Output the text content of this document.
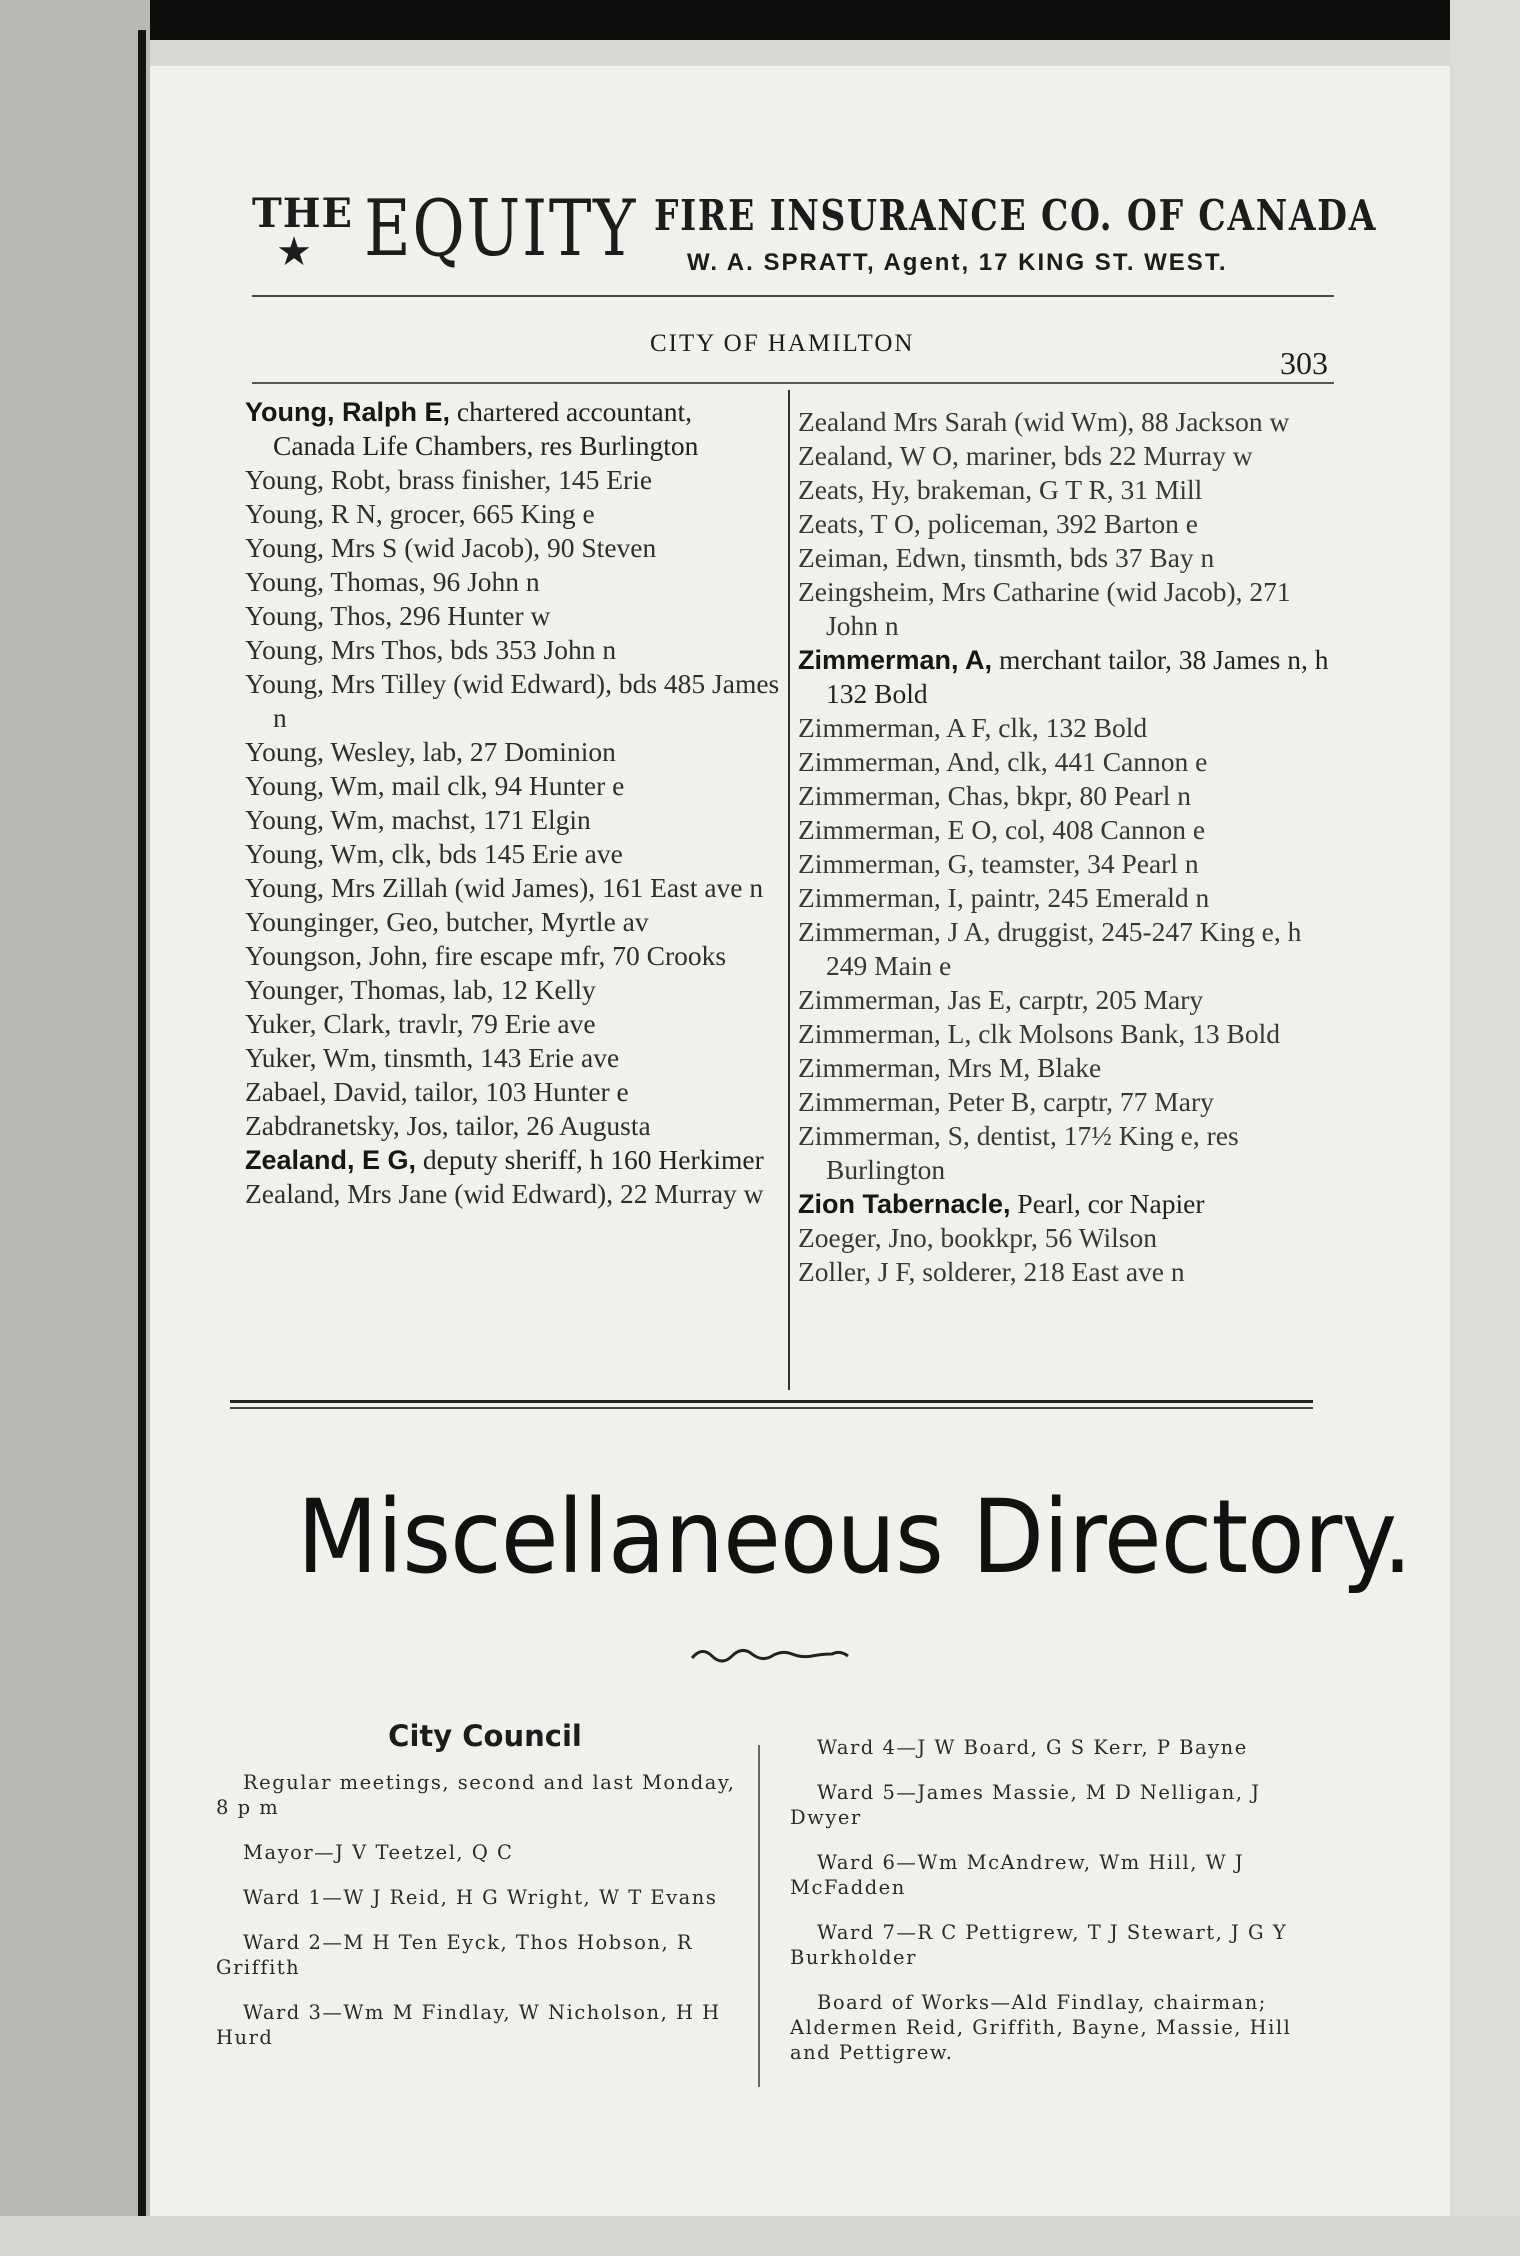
THE
★ EQUITY FIRE INSURANCE CO. OF CANADA
W. A. SPRATT, Agent, 17 KING ST. WEST.
CITY OF HAMILTON
303

Young, Ralph E, chartered accountant, Canada Life Chambers, res Burlington

Young, Robt, brass finisher, 145 Erie

Young, R N, grocer, 665 King e

Young, Mrs S (wid Jacob), 90 Steven

Young, Thomas, 96 John n

Young, Thos, 296 Hunter w

Young, Mrs Thos, bds 353 John n

Young, Mrs Tilley (wid Edward), bds 485 James n

Young, Wesley, lab, 27 Dominion

Young, Wm, mail clk, 94 Hunter e

Young, Wm, machst, 171 Elgin

Young, Wm, clk, bds 145 Erie ave

Young, Mrs Zillah (wid James), 161 East ave n

Younginger, Geo, butcher, Myrtle av

Youngson, John, fire escape mfr, 70 Crooks

Younger, Thomas, lab, 12 Kelly

Yuker, Clark, travlr, 79 Erie ave

Yuker, Wm, tinsmth, 143 Erie ave

Zabael, David, tailor, 103 Hunter e

Zabdranetsky, Jos, tailor, 26 Augusta

Zealand, E G, deputy sheriff, h 160 Herkimer

Zealand, Mrs Jane (wid Edward), 22 Murray w

Zealand Mrs Sarah (wid Wm), 88 Jackson w

Zealand, W O, mariner, bds 22 Murray w

Zeats, Hy, brakeman, G T R, 31 Mill

Zeats, T O, policeman, 392 Barton e

Zeiman, Edwn, tinsmth, bds 37 Bay n

Zeingsheim, Mrs Catharine (wid Jacob), 271 John n

Zimmerman, A, merchant tailor, 38 James n, h 132 Bold

Zimmerman, A F, clk, 132 Bold

Zimmerman, And, clk, 441 Cannon e

Zimmerman, Chas, bkpr, 80 Pearl n

Zimmerman, E O, col, 408 Cannon e

Zimmerman, G, teamster, 34 Pearl n

Zimmerman, I, paintr, 245 Emerald n

Zimmerman, J A, druggist, 245-247 King e, h 249 Main e

Zimmerman, Jas E, carptr, 205 Mary

Zimmerman, L, clk Molsons Bank, 13 Bold

Zimmerman, Mrs M, Blake

Zimmerman, Peter B, carptr, 77 Mary

Zimmerman, S, dentist, 17½ King e, res Burlington

Zion Tabernacle, Pearl, cor Napier

Zoeger, Jno, bookkpr, 56 Wilson

Zoller, J F, solderer, 218 East ave n

Miscellaneous Directory.
City Council

Regular meetings, second and last Monday, 8 p m

Mayor—J V Teetzel, Q C

Ward 1—W J Reid, H G Wright, W T Evans

Ward 2—M H Ten Eyck, Thos Hobson, R Griffith

Ward 3—Wm M Findlay, W Nicholson, H H Hurd

Ward 4—J W Board, G S Kerr, P Bayne

Ward 5—James Massie, M D Nelligan, J Dwyer

Ward 6—Wm McAndrew, Wm Hill, W J McFadden

Ward 7—R C Pettigrew, T J Stewart, J G Y Burkholder

Board of Works—Ald Findlay, chairman; Aldermen Reid, Griffith, Bayne, Massie, Hill and Pettigrew.
